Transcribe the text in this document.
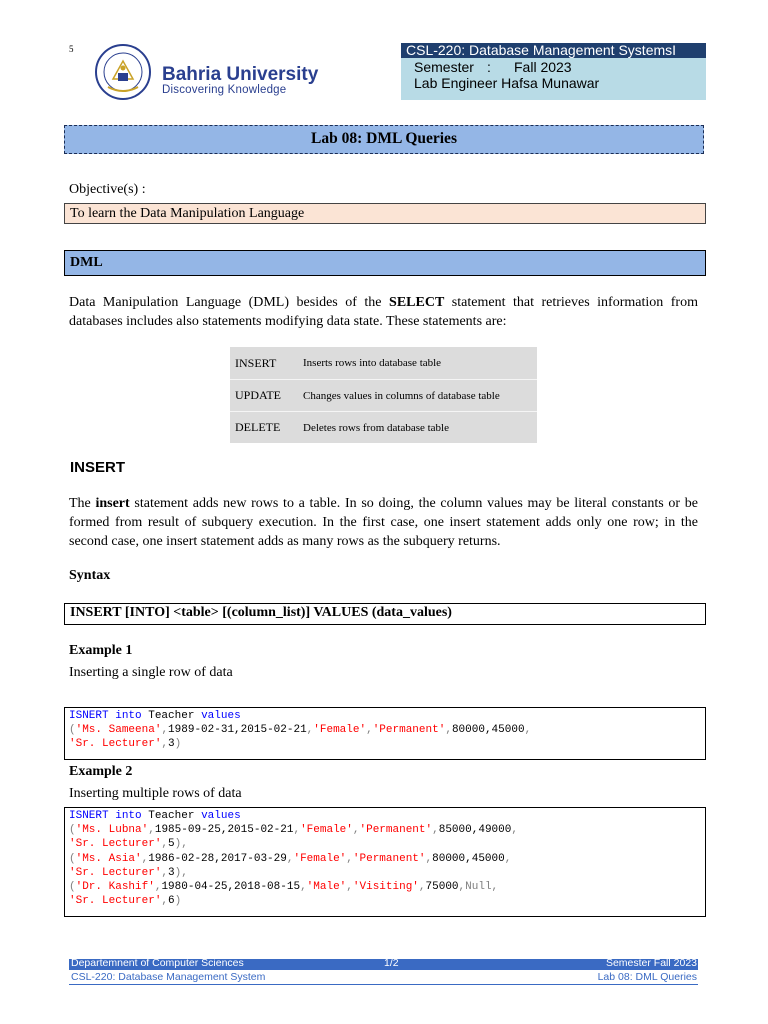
5
Bahria University
Discovering Knowledge
CSL-220: Database Management SystemsI
Semester : Fall 2023
Lab Engineer Hafsa Munawar
Lab 08: DML Queries
Objective(s) :
To learn the Data Manipulation Language
DML
Data Manipulation Language (DML) besides of the SELECT statement that retrieves information from databases includes also statements modifying data state. These statements are:
INSERT	Inserts rows into database table
UPDATE	Changes values in columns of database table
DELETE	Deletes rows from database table
INSERT
The insert statement adds new rows to a table. In so doing, the column values may be literal constants or be formed from result of subquery execution. In the first case, one insert statement adds only one row; in the second case, one insert statement adds as many rows as the subquery returns.
Syntax
INSERT [INTO] <table> [(column_list)] VALUES (data_values)
Example 1
Inserting a single row of data
ISNERT into Teacher values
('Ms. Sameena',1989-02-31,2015-02-21,'Female','Permanent',80000,45000,
'Sr. Lecturer',3)
Example 2
Inserting multiple rows of data
ISNERT into Teacher values
('Ms. Lubna',1985-09-25,2015-02-21,'Female','Permanent',85000,49000,
'Sr. Lecturer',5),
('Ms. Asia',1986-02-28,2017-03-29,'Female','Permanent',80000,45000,
'Sr. Lecturer',3),
('Dr. Kashif',1980-04-25,2018-08-15,'Male','Visiting',75000,Null,
'Sr. Lecturer',6)
Departemnent of Computer Sciences	1/2	Semester Fall 2023
CSL-220: Database Management System	Lab 08: DML Queries
